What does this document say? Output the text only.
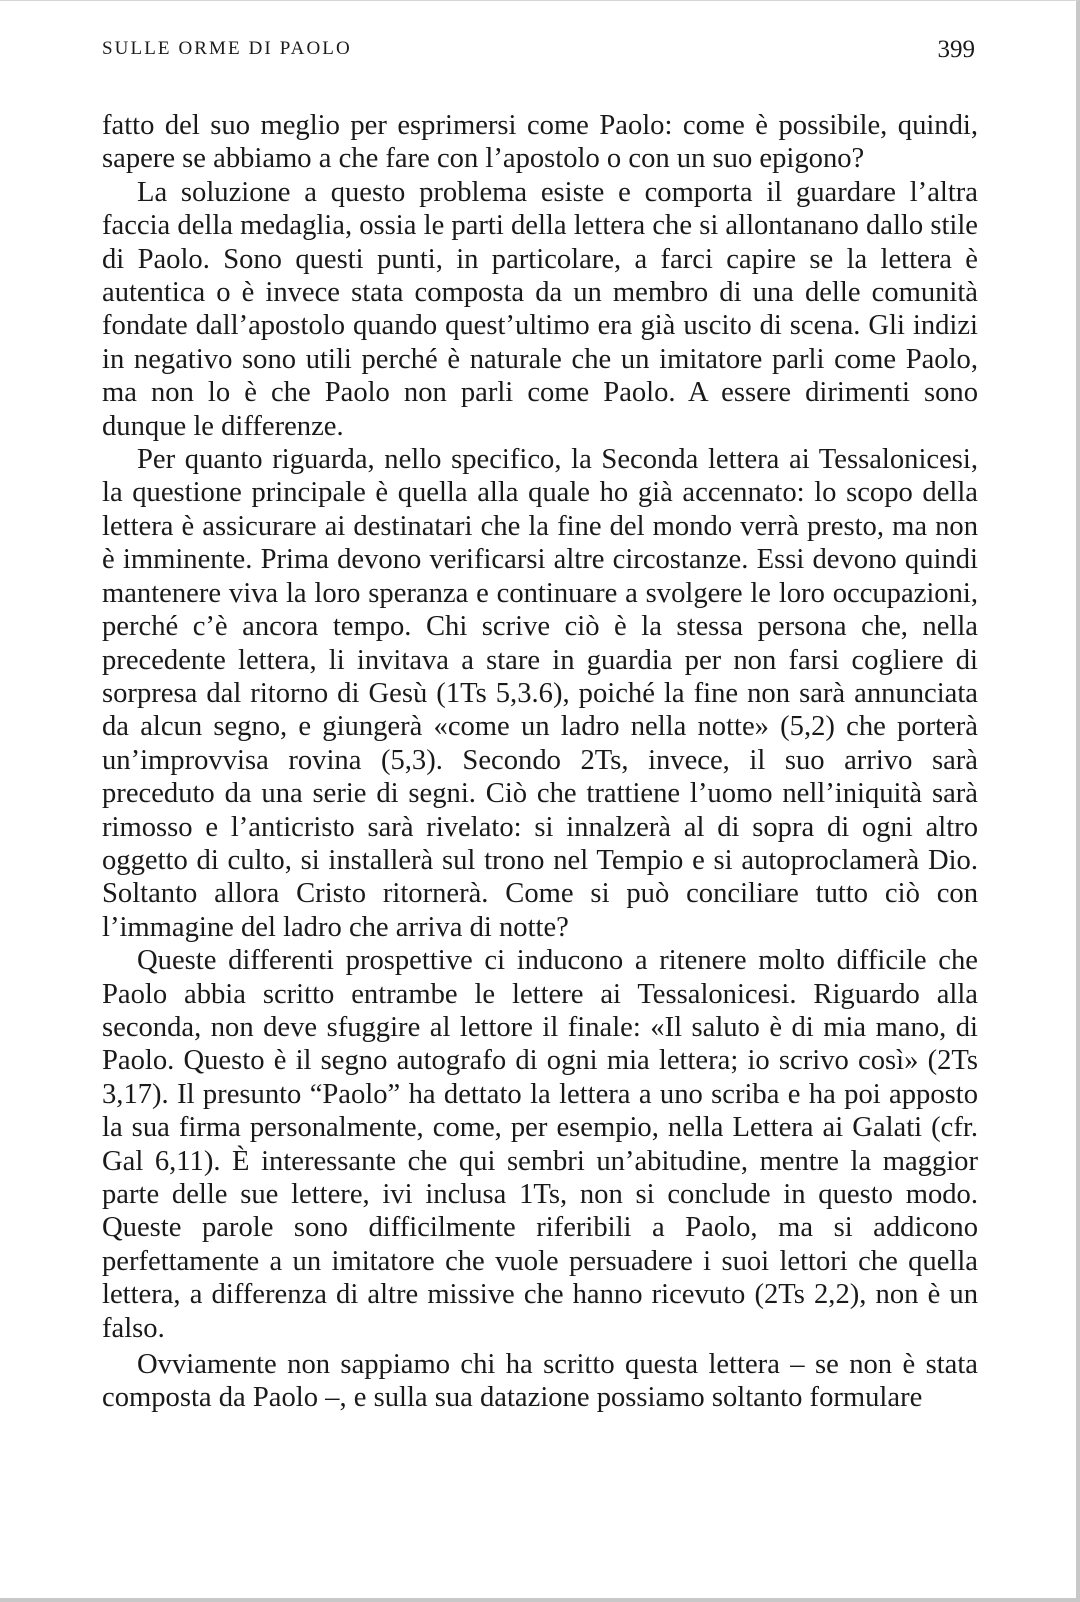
SULLE ORME DI PAOLO	399

fatto del suo meglio per esprimersi come Paolo: come è possibile, quindi, sapere se abbiamo a che fare con l’apostolo o con un suo epigono?

La soluzione a questo problema esiste e comporta il guardare l’altra faccia della medaglia, ossia le parti della lettera che si allontanano dallo stile di Paolo. Sono questi punti, in particolare, a farci capire se la lettera è autentica o è invece stata composta da un membro di una delle comunità fondate dall’apostolo quando quest’ultimo era già uscito di scena. Gli indizi in negativo sono utili perché è naturale che un imitatore parli come Paolo, ma non lo è che Paolo non parli come Paolo. A essere dirimenti sono dunque le differenze.

Per quanto riguarda, nello specifico, la Seconda lettera ai Tessalonicesi, la questione principale è quella alla quale ho già accennato: lo scopo della lettera è assicurare ai destinatari che la fine del mondo verrà presto, ma non è imminente. Prima devono verificarsi altre circostanze. Essi devono quindi mantenere viva la loro speranza e continuare a svolgere le loro occupazioni, perché c’è ancora tempo. Chi scrive ciò è la stessa persona che, nella precedente lettera, li invitava a stare in guardia per non farsi cogliere di sorpresa dal ritorno di Gesù (1Ts 5,3.6), poiché la fine non sarà annunciata da alcun segno, e giungerà «come un ladro nella notte» (5,2) che porterà un’improvvisa rovina (5,3). Secondo 2Ts, invece, il suo arrivo sarà preceduto da una serie di segni. Ciò che trattiene l’uomo nell’iniquità sarà rimosso e l’anticristo sarà rivelato: si innalzerà al di sopra di ogni altro oggetto di culto, si installerà sul trono nel Tempio e si autoproclamerà Dio. Soltanto allora Cristo ritornerà. Come si può conciliare tutto ciò con l’immagine del ladro che arriva di notte?

Queste differenti prospettive ci inducono a ritenere molto difficile che Paolo abbia scritto entrambe le lettere ai Tessalonicesi. Riguardo alla seconda, non deve sfuggire al lettore il finale: «Il saluto è di mia mano, di Paolo. Questo è il segno autografo di ogni mia lettera; io scrivo così» (2Ts 3,17). Il presunto “Paolo” ha dettato la lettera a uno scriba e ha poi apposto la sua firma personalmente, come, per esempio, nella Lettera ai Galati (cfr. Gal 6,11). È interessante che qui sembri un’abitudine, mentre la maggior parte delle sue lettere, ivi inclusa 1Ts, non si conclude in questo modo. Queste parole sono difficilmente riferibili a Paolo, ma si addicono perfettamente a un imitatore che vuole persuadere i suoi lettori che quella lettera, a differenza di altre missive che hanno ricevuto (2Ts 2,2), non è un falso.

Ovviamente non sappiamo chi ha scritto questa lettera – se non è stata composta da Paolo –, e sulla sua datazione possiamo soltanto formulare
